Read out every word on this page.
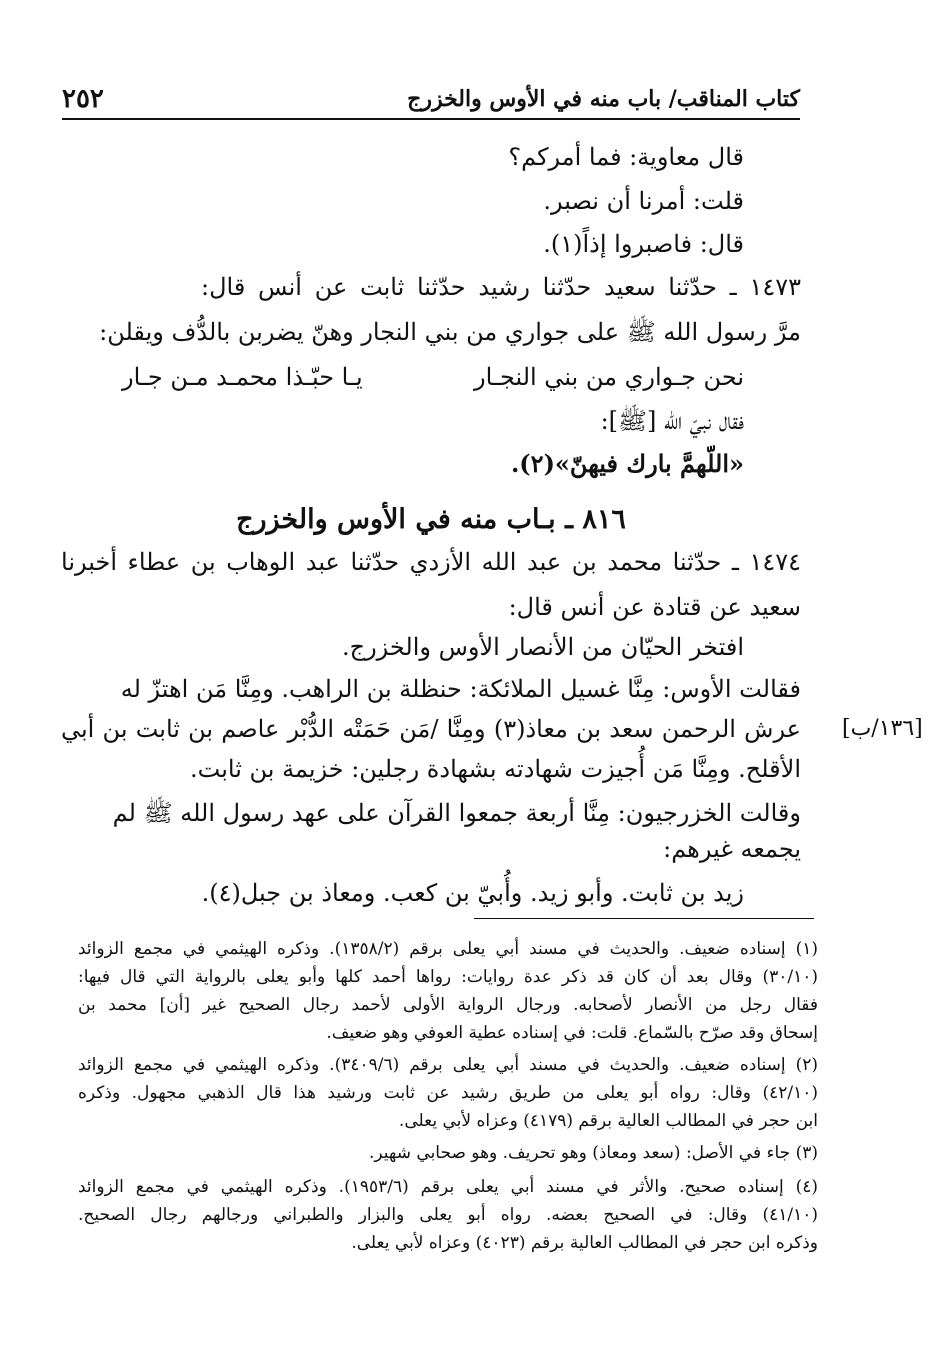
كتاب المناقب/ باب منه في الأوس والخزرج
٢٥٢
قال معاوية: فما أمركم؟
قلت: أمرنا أن نصبر.
قال: فاصبروا إذاً(١).
١٤٧٣ ـ حدّثنا سعيد حدّثنا رشيد حدّثنا ثابت عن أنس قال:
مرَّ رسول الله ﷺ على جواري من بني النجار وهنّ يضربن بالدُّف ويقلن:
نحن جـواري من بني النجـار
يـا حبّـذا محمـد مـن جـار
فقال نبيّ الله [ﷺ]:
«اللّهمَّ بارك فيهنّ»(٢).
٨١٦ ـ بـاب منه في الأوس والخزرج
١٤٧٤ ـ حدّثنا محمد بن عبد الله الأزدي حدّثنا عبد الوهاب بن عطاء أخبرنا
سعيد عن قتادة عن أنس قال:
افتخر الحيّان من الأنصار الأوس والخزرج.
فقالت الأوس: مِنَّا غسيل الملائكة: حنظلة بن الراهب. ومِنَّا مَن اهتزّ له
عرش الرحمن سعد بن معاذ(٣) ومِنَّا /مَن حَمَتْه الدُّبْر عاصم بن ثابت بن أبي [١٣٦/ب]
الأقلح. ومِنَّا مَن أُجيزت شهادته بشهادة رجلين: خزيمة بن ثابت.
وقالت الخزرجيون: مِنَّا أربعة جمعوا القرآن على عهد رسول الله ﷺ لم
يجمعه غيرهم:
زيد بن ثابت. وأبو زيد. وأُبيّ بن كعب. ومعاذ بن جبل(٤).
(١) إسناده ضعيف. والحديث في مسند أبي يعلى برقم (١٣٥٨/٢). وذكره الهيثمي في مجمع الزوائد
(٣٠/١٠) وقال بعد أن كان قد ذكر عدة روايات: رواها أحمد كلها وأبو يعلى بالرواية التي قال فيها:
فقال رجل من الأنصار لأصحابه. ورجال الرواية الأولى لأحمد رجال الصحيح غير [أن] محمد بن
إسحاق وقد صرّح بالسّماع. قلت: في إسناده عطية العوفي وهو ضعيف.
(٢) إسناده ضعيف. والحديث في مسند أبي يعلى برقم (٣٤٠٩/٦). وذكره الهيثمي في مجمع الزوائد
(٤٢/١٠) وقال: رواه أبو يعلى من طريق رشيد عن ثابت ورشيد هذا قال الذهبي مجهول. وذكره
ابن حجر في المطالب العالية برقم (٤١٧٩) وعزاه لأبي يعلى.
(٣) جاء في الأصل: (سعد ومعاذ) وهو تحريف. وهو صحابي شهير.
(٤) إسناده صحيح. والأثر في مسند أبي يعلى برقم (١٩٥٣/٦). وذكره الهيثمي في مجمع الزوائد
(٤١/١٠) وقال: في الصحيح بعضه. رواه أبو يعلى والبزار والطبراني ورجالهم رجال الصحيح.
وذكره ابن حجر في المطالب العالية برقم (٤٠٢٣) وعزاه لأبي يعلى.
